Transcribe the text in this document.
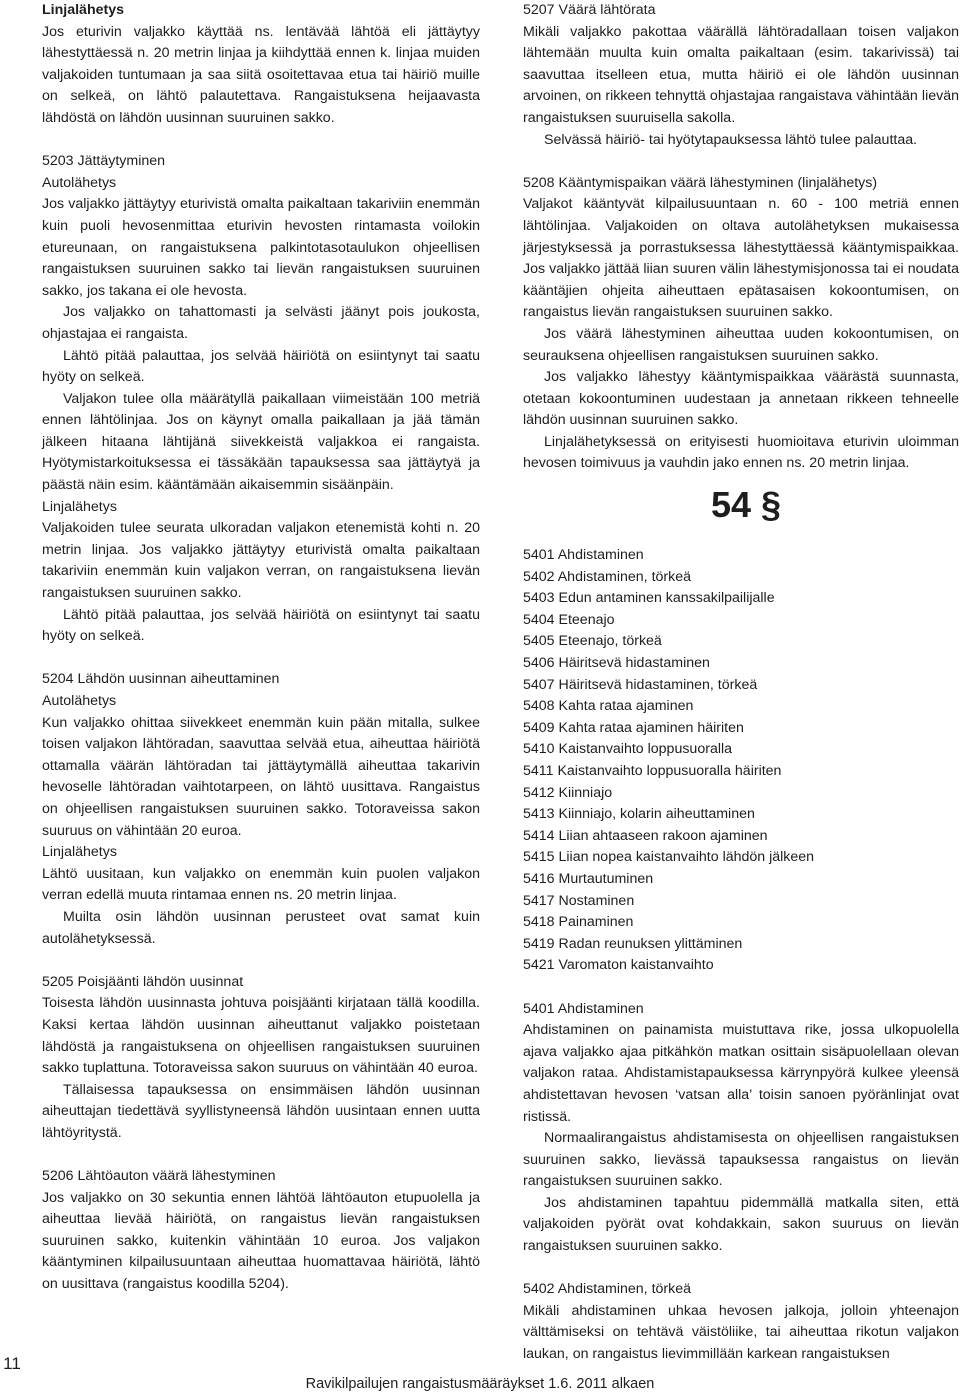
Linjalähetys

Jos eturivin valjakko käyttää ns. lentävää lähtöä eli jättäytyy lähestyttäessä n. 20 metrin linjaa ja kiihdyttää ennen k. linjaa muiden valjakoiden tuntumaan ja saa siitä osoitettavaa etua tai häiriö muille on selkeä, on lähtö palautettava. Rangaistuksena heijaavasta lähdöstä on lähdön uusinnan suuruinen sakko.

5203 Jättäytyminen

Autolähetys

Jos valjakko jättäytyy eturivistä omalta paikaltaan takariviin enemmän kuin puoli hevosenmittaa eturivin hevosten rintamasta voilokin etureunaan, on rangaistuksena palkintotasotaulukon ohjeellisen rangaistuksen suuruinen sakko tai lievän rangaistuksen suuruinen sakko, jos takana ei ole hevosta.

Jos valjakko on tahattomasti ja selvästi jäänyt pois joukosta, ohjastajaa ei rangaista.

Lähtö pitää palauttaa, jos selvää häiriötä on esiintynyt tai saatu hyöty on selkeä.

Valjakon tulee olla määrätyllä paikallaan viimeistään 100 metriä ennen lähtölinjaa. Jos on käynyt omalla paikallaan ja jää tämän jälkeen hitaana lähtijänä siivekkeistä valjakkoa ei rangaista. Hyötymistarkoituksessa ei tässäkään tapauksessa saa jättäytyä ja päästä näin esim. kääntämään aikaisemmin sisäänpäin.

Linjalähetys

Valjakoiden tulee seurata ulkoradan valjakon etenemistä kohti n. 20 metrin linjaa. Jos valjakko jättäytyy eturivistä omalta paikaltaan takariviin enemmän kuin valjakon verran, on rangaistuksena lievän rangaistuksen suuruinen sakko.

Lähtö pitää palauttaa, jos selvää häiriötä on esiintynyt tai saatu hyöty on selkeä.

5204 Lähdön uusinnan aiheuttaminen

Autolähetys

Kun valjakko ohittaa siivekkeet enemmän kuin pään mitalla, sulkee toisen valjakon lähtöradan, saavuttaa selvää etua, aiheuttaa häiriötä ottamalla väärän lähtöradan tai jättäytymällä aiheuttaa takarivin hevoselle lähtöradan vaihtotarpeen, on lähtö uusittava. Rangaistus on ohjeellisen rangaistuksen suuruinen sakko. Totoraveissa sakon suuruus on vähintään 20 euroa.

Linjalähetys

Lähtö uusitaan, kun valjakko on enemmän kuin puolen valjakon verran edellä muuta rintamaa ennen ns. 20 metrin linjaa.

Muilta osin lähdön uusinnan perusteet ovat samat kuin autolähetyksessä.

5205 Poisjäänti lähdön uusinnat

Toisesta lähdön uusinnasta johtuva poisjäänti kirjataan tällä koodilla. Kaksi kertaa lähdön uusinnan aiheuttanut valjakko poistetaan lähdöstä ja rangaistuksena on ohjeellisen rangaistuksen suuruinen sakko tuplattuna. Totoraveissa sakon suuruus on vähintään 40 euroa.

Tällaisessa tapauksessa on ensimmäisen lähdön uusinnan aiheuttajan tiedettävä syyllistyneensä lähdön uusintaan ennen uutta lähtöyritystä.

5206 Lähtöauton väärä lähestyminen

Jos valjakko on 30 sekuntia ennen lähtöä lähtöauton etupuolella ja aiheuttaa lievää häiriötä, on rangaistus lievän rangaistuksen suuruinen sakko, kuitenkin vähintään 10 euroa. Jos valjakon kääntyminen kilpailusuuntaan aiheuttaa huomattavaa häiriötä, lähtö on uusittava (rangaistus koodilla 5204).

5207 Väärä lähtörata

Mikäli valjakko pakottaa väärällä lähtöradallaan toisen valjakon lähtemään muulta kuin omalta paikaltaan (esim. takarivissä) tai saavuttaa itselleen etua, mutta häiriö ei ole lähdön uusinnan arvoinen, on rikkeen tehnyttä ohjastajaa rangaistava vähintään lievän rangaistuksen suuruisella sakolla.

Selvässä häiriö- tai hyötytapauksessa lähtö tulee palauttaa.

5208 Kääntymispaikan väärä lähestyminen (linjalähetys)

Valjakot kääntyvät kilpailusuuntaan n. 60 - 100 metriä ennen lähtölinjaa. Valjakoiden on oltava autolähetyksen mukaisessa järjestyksessä ja porrastuksessa lähestyttäessä kääntymispaikkaa. Jos valjakko jättää liian suuren välin lähestymisjonossa tai ei noudata kääntäjien ohjeita aiheuttaen epätasaisen kokoontumisen, on rangaistus lievän rangaistuksen suuruinen sakko.

Jos väärä lähestyminen aiheuttaa uuden kokoontumisen, on seurauksena ohjeellisen rangaistuksen suuruinen sakko.

Jos valjakko lähestyy kääntymispaikkaa väärästä suunnasta, otetaan kokoontuminen uudestaan ja annetaan rikkeen tehneelle lähdön uusinnan suuruinen sakko.

Linjalähetyksessä on erityisesti huomioitava eturivin uloimman hevosen toimivuus ja vauhdin jako ennen ns. 20 metrin linjaa.

54 §

5401 Ahdistaminen

5402 Ahdistaminen, törkeä

5403 Edun antaminen kanssakilpailijalle

5404 Eteenajo

5405 Eteenajo, törkeä

5406 Häiritsevä hidastaminen

5407 Häiritsevä hidastaminen, törkeä

5408 Kahta rataa ajaminen

5409 Kahta rataa ajaminen häiriten

5410 Kaistanvaihto loppusuoralla

5411 Kaistanvaihto loppusuoralla häiriten

5412 Kiinniajo

5413 Kiinniajo, kolarin aiheuttaminen

5414 Liian ahtaaseen rakoon ajaminen

5415 Liian nopea kaistanvaihto lähdön jälkeen

5416 Murtautuminen

5417 Nostaminen

5418 Painaminen

5419 Radan reunuksen ylittäminen

5421 Varomaton kaistanvaihto

5401 Ahdistaminen

Ahdistaminen on painamista muistuttava rike, jossa ulkopuolella ajava valjakko ajaa pitkähkön matkan osittain sisäpuolellaan olevan valjakon rataa. Ahdistamistapauksessa kärrynpyörä kulkee yleensä ahdistettavan hevosen ‘vatsan alla’ toisin sanoen pyöränlinjat ovat ristissä.

Normaalirangaistus ahdistamisesta on ohjeellisen rangaistuksen suuruinen sakko, lievässä tapauksessa rangaistus on lievän rangaistuksen suuruinen sakko.

Jos ahdistaminen tapahtuu pidemmällä matkalla siten, että valjakoiden pyörät ovat kohdakkain, sakon suuruus on lievän rangaistuksen suuruinen sakko.

5402 Ahdistaminen, törkeä

Mikäli ahdistaminen uhkaa hevosen jalkoja, jolloin yhteenajon välttämiseksi on tehtävä väistöliike, tai aiheuttaa rikotun valjakon laukan, on rangaistus lievimmillään karkean rangaistuksen

11
Ravikilpailujen rangaistusmääräykset 1.6. 2011 alkaen
